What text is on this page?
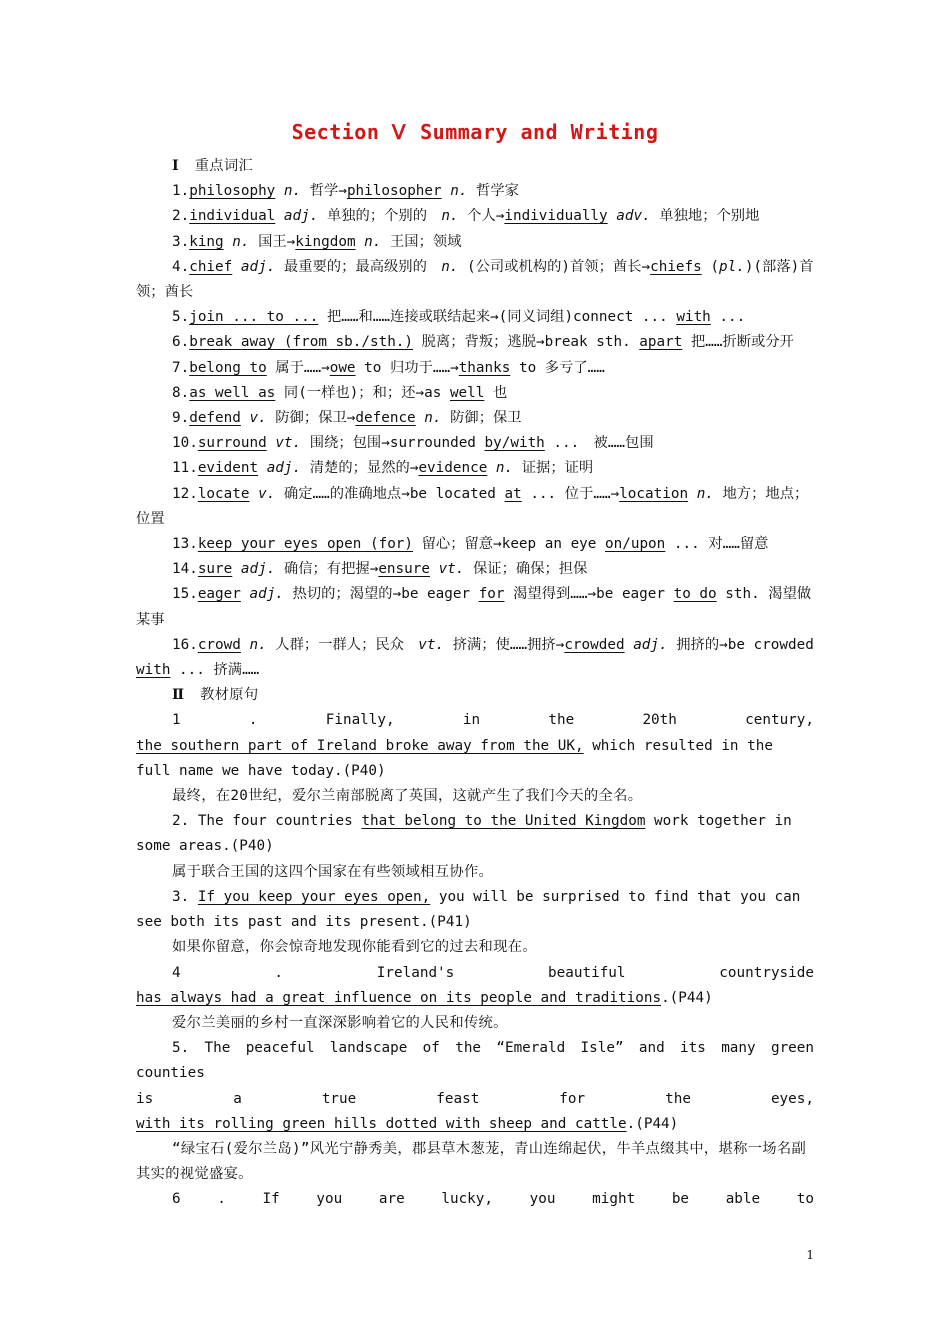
Section Ⅴ Summary and Writing

Ⅰ 重点词汇

1.philosophy n. 哲学→philosopher n. 哲学家

2.individual adj. 单独的；个别的　n. 个人→individually adv. 单独地；个别地

3.king n. 国王→kingdom n. 王国；领域

4.chief adj. 最重要的；最高级别的　n. (公司或机构的)首领；酋长→chiefs (pl.)(部落)首领；酋长

5.join ... to ... 把……和……连接或联结起来→(同义词组)connect ... with ...

6.break away (from sb./sth.) 脱离；背叛；逃脱→break sth. apart 把……折断或分开

7.belong to 属于……→owe to 归功于……→thanks to 多亏了……

8.as well as 同(一样也)；和；还→as well 也

9.defend v. 防御；保卫→defence n. 防御；保卫

10.surround vt. 围绕；包围→surrounded by/with ...　被……包围

11.evident adj. 清楚的；显然的→evidence n. 证据；证明

12.locate v. 确定……的准确地点→be located at ... 位于……→location n. 地方；地点；位置

13.keep your eyes open (for) 留心；留意→keep an eye on/upon ... 对……留意

14.sure adj. 确信；有把握→ensure vt. 保证；确保；担保

15.eager adj. 热切的；渴望的→be eager for 渴望得到……→be eager to do sth. 渴望做某事

16.crowd n. 人群；一群人；民众　vt. 挤满；使……拥挤→crowded adj. 拥挤的→be crowded with ... 挤满……

Ⅱ 教材原句

1　.　Finally,　in　the　20th　century,

the southern part of Ireland broke away from the UK, which resulted in the full name we have today.(P40)

最终，在20世纪，爱尔兰南部脱离了英国，这就产生了我们今天的全名。

2. The four countries that belong to the United Kingdom work together in some areas.(P40)

属于联合王国的这四个国家在有些领域相互协作。

3. If you keep your eyes open, you will be surprised to find that you can see both its past and its present.(P41)

如果你留意，你会惊奇地发现你能看到它的过去和现在。

4　.　Ireland's　beautiful　countryside

has always had a great influence on its people and traditions.(P44)

爱尔兰美丽的乡村一直深深影响着它的人民和传统。

5. The peaceful landscape of the “Emerald Isle” and its many green counties

is　a　true　feast　for　the　eyes,

with its rolling green hills dotted with sheep and cattle.(P44)

“绿宝石(爱尔兰岛)”风光宁静秀美，郡县草木葱茏，青山连绵起伏，牛羊点缀其中，堪称一场名副其实的视觉盛宴。

6　.　If　you　are　lucky,　you　might　be　able　to

1
